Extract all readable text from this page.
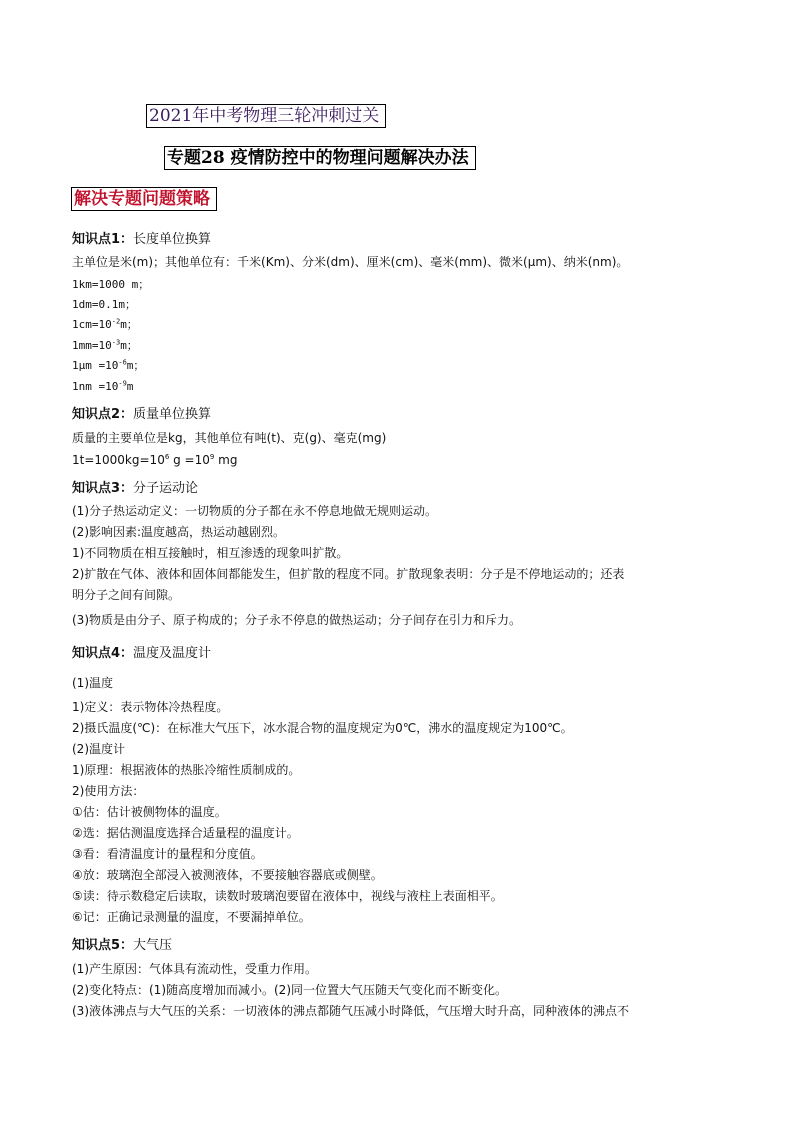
2021年中考物理三轮冲刺过关
专题28 疫情防控中的物理问题解决办法
解决专题问题策略
知识点1：长度单位换算
主单位是米(m)；其他单位有：千米(Km)、分米(dm)、厘米(cm)、毫米(mm)、微米(μm)、纳米(nm)。
1km=1000 m；
1dm=0.1m；
$1cm=10^{-2}m$；
$1mm=10^{-3}m$；
$1\mu m =10^{-6}m$；
$1nm =10^{-9}m$
知识点2：质量单位换算
质量的主要单位是kg，其他单位有吨(t)、克(g)、毫克(mg)
$1t=1000kg=10^6$ $g =10^9$ mg
知识点3：分子运动论
(1)分子热运动定义：一切物质的分子都在永不停息地做无规则运动。
(2)影响因素:温度越高，热运动越剧烈。
1)不同物质在相互接触时，相互渗透的现象叫扩散。
2)扩散在气体、液体和固体间都能发生，但扩散的程度不同。扩散现象表明：分子是不停地运动的；还表
明分子之间有间隙。
(3)物质是由分子、原子构成的；分子永不停息的做热运动；分子间存在引力和斥力。
知识点4：温度及温度计
(1)温度
1)定义：表示物体冷热程度。
2)摄氏温度(℃)：在标准大气压下，冰水混合物的温度规定为0℃，沸水的温度规定为100℃。
(2)温度计
1)原理：根据液体的热胀冷缩性质制成的。
2)使用方法：
①估：估计被侧物体的温度。
②选：据估测温度选择合适量程的温度计。
③看：看清温度计的量程和分度值。
④放：玻璃泡全部浸入被测液体，不要接触容器底或侧壁。
⑤读：待示数稳定后读取，读数时玻璃泡要留在液体中，视线与液柱上表面相平。
⑥记：正确记录测量的温度，不要漏掉单位。
知识点5：大气压
(1)产生原因：气体具有流动性，受重力作用。
(2)变化特点：(1)随高度增加而减小。(2)同一位置大气压随天气变化而不断变化。
(3)液体沸点与大气压的关系：一切液体的沸点都随气压减小时降低，气压增大时升高，同种液体的沸点不
